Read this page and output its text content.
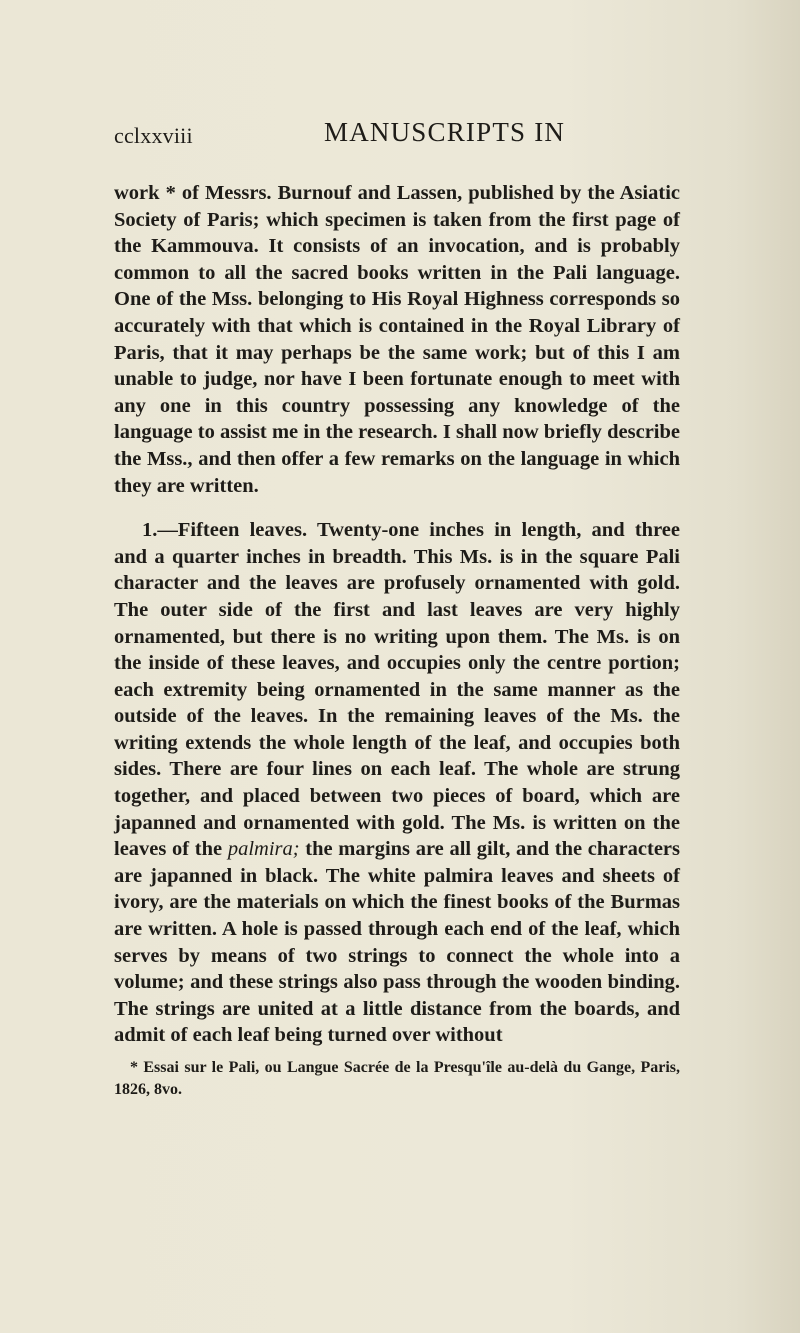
cclxxviii	MANUSCRIPTS IN

work * of Messrs. Burnouf and Lassen, published by the Asiatic Society of Paris; which specimen is taken from the first page of the Kammouva. It consists of an invocation, and is probably common to all the sacred books written in the Pali language. One of the Mss. belonging to His Royal Highness corresponds so accurately with that which is contained in the Royal Library of Paris, that it may perhaps be the same work; but of this I am unable to judge, nor have I been fortunate enough to meet with any one in this country possessing any knowledge of the language to assist me in the research. I shall now briefly describe the Mss., and then offer a few remarks on the language in which they are written.

1.—Fifteen leaves. Twenty-one inches in length, and three and a quarter inches in breadth. This Ms. is in the square Pali character and the leaves are profusely ornamented with gold. The outer side of the first and last leaves are very highly ornamented, but there is no writing upon them. The Ms. is on the inside of these leaves, and occupies only the centre portion; each extremity being ornamented in the same manner as the outside of the leaves. In the remaining leaves of the Ms. the writing extends the whole length of the leaf, and occupies both sides. There are four lines on each leaf. The whole are strung together, and placed between two pieces of board, which are japanned and ornamented with gold. The Ms. is written on the leaves of the palmira; the margins are all gilt, and the characters are japanned in black. The white palmira leaves and sheets of ivory, are the materials on which the finest books of the Burmas are written. A hole is passed through each end of the leaf, which serves by means of two strings to connect the whole into a volume; and these strings also pass through the wooden binding. The strings are united at a little distance from the boards, and admit of each leaf being turned over without

* Essai sur le Pali, ou Langue Sacrée de la Presqu'île au-delà du Gange, Paris, 1826, 8vo.
